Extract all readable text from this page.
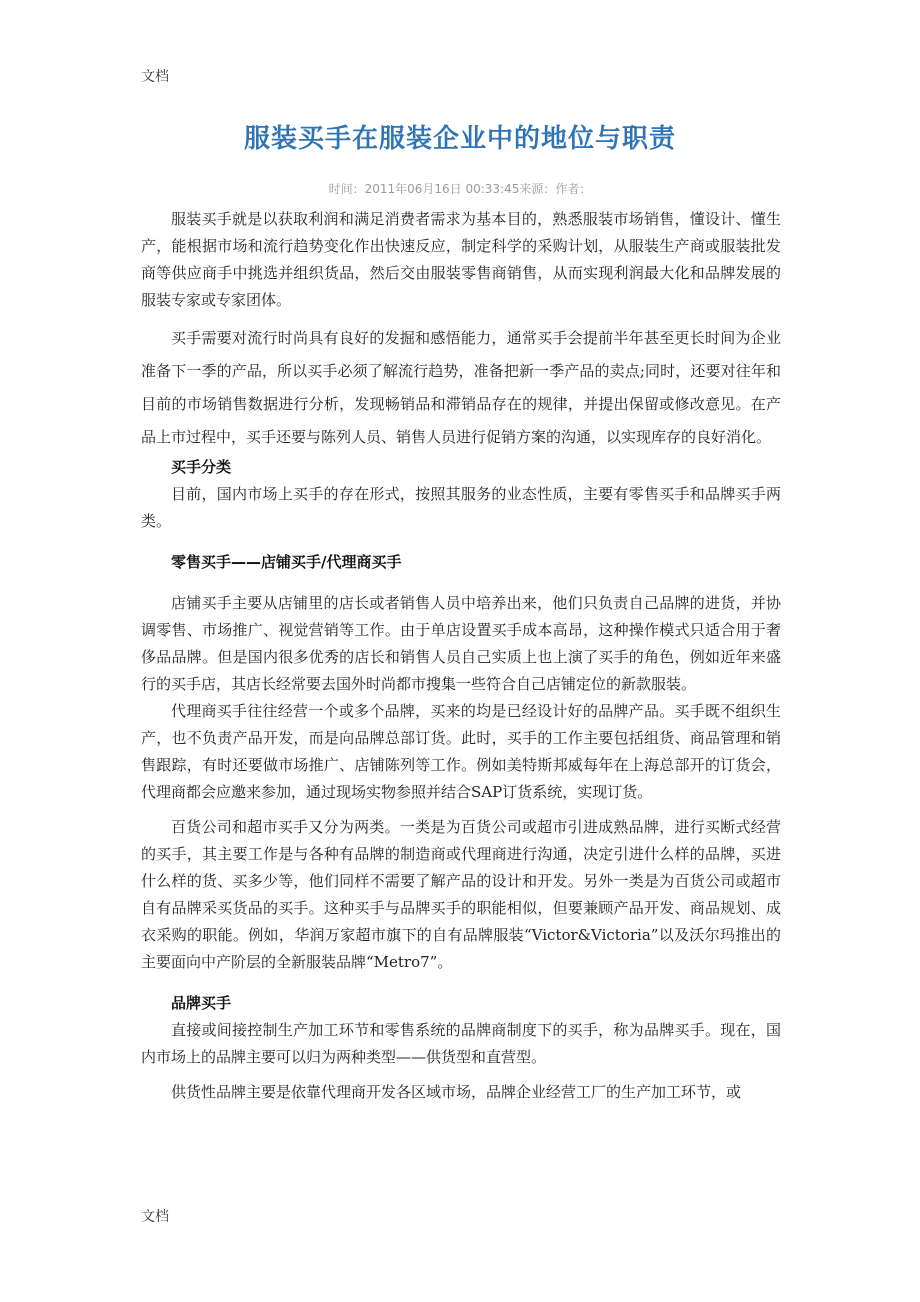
文档
服装买手在服装企业中的地位与职责
时间：2011年06月16日 00:33:45来源：作者：

服装买手就是以获取利润和满足消费者需求为基本目的，熟悉服装市场销售，懂设计、懂生产，能根据市场和流行趋势变化作出快速反应，制定科学的采购计划，从服装生产商或服装批发商等供应商手中挑选并组织货品，然后交由服装零售商销售，从而实现利润最大化和品牌发展的服装专家或专家团体。

买手需要对流行时尚具有良好的发掘和感悟能力，通常买手会提前半年甚至更长时间为企业准备下一季的产品，所以买手必须了解流行趋势，准备把新一季产品的卖点;同时，还要对往年和目前的市场销售数据进行分析，发现畅销品和滞销品存在的规律，并提出保留或修改意见。在产品上市过程中，买手还要与陈列人员、销售人员进行促销方案的沟通，以实现库存的良好消化。

买手分类

目前，国内市场上买手的存在形式，按照其服务的业态性质，主要有零售买手和品牌买手两类。

零售买手——店铺买手/代理商买手

店铺买手主要从店铺里的店长或者销售人员中培养出来，他们只负责自己品牌的进货，并协调零售、市场推广、视觉营销等工作。由于单店设置买手成本高昂，这种操作模式只适合用于奢侈品品牌。但是国内很多优秀的店长和销售人员自己实质上也上演了买手的角色，例如近年来盛行的买手店，其店长经常要去国外时尚都市搜集一些符合自己店铺定位的新款服装。

代理商买手往往经营一个或多个品牌，买来的均是已经设计好的品牌产品。买手既不组织生产，也不负责产品开发，而是向品牌总部订货。此时，买手的工作主要包括组货、商品管理和销售跟踪，有时还要做市场推广、店铺陈列等工作。例如美特斯邦威每年在上海总部开的订货会，代理商都会应邀来参加，通过现场实物参照并结合SAP订货系统，实现订货。

百货公司和超市买手又分为两类。一类是为百货公司或超市引进成熟品牌，进行买断式经营的买手，其主要工作是与各种有品牌的制造商或代理商进行沟通，决定引进什么样的品牌，买进什么样的货、买多少等，他们同样不需要了解产品的设计和开发。另外一类是为百货公司或超市自有品牌采买货品的买手。这种买手与品牌买手的职能相似，但要兼顾产品开发、商品规划、成衣采购的职能。例如，华润万家超市旗下的自有品牌服装“Victor&Victoria”以及沃尔玛推出的主要面向中产阶层的全新服装品牌“Metro7”。

品牌买手

直接或间接控制生产加工环节和零售系统的品牌商制度下的买手，称为品牌买手。现在，国内市场上的品牌主要可以归为两种类型——供货型和直营型。

供货性品牌主要是依靠代理商开发各区域市场，品牌企业经营工厂的生产加工环节，或

文档
